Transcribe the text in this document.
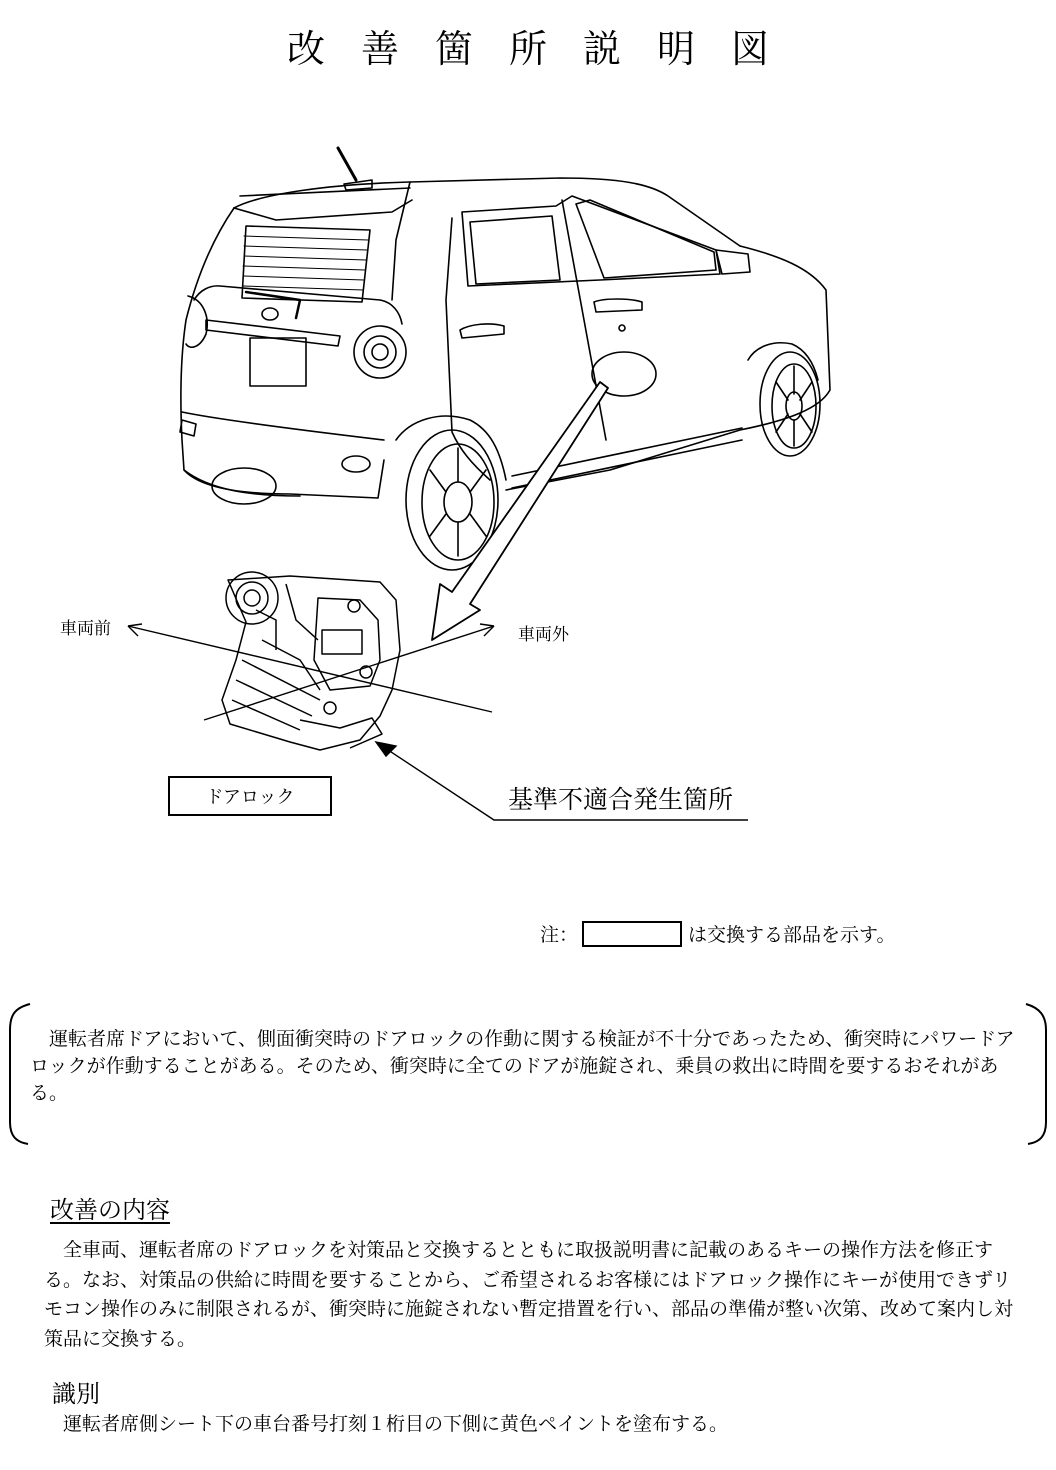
改善箇所説明図
車両前	車両外
ドアロック	基準不適合発生箇所
注：	は交換する部品を示す。
　運転者席ドアにおいて、側面衝突時のドアロックの作動に関する検証が不十分であったため、衝突時にパワードアロックが作動することがある。そのため、衝突時に全てのドアが施錠され、乗員の救出に時間を要するおそれがある。
改善の内容
　全車両、運転者席のドアロックを対策品と交換するとともに取扱説明書に記載のあるキーの操作方法を修正する。なお、対策品の供給に時間を要することから、ご希望されるお客様にはドアロック操作にキーが使用できずリモコン操作のみに制限されるが、衝突時に施錠されない暫定措置を行い、部品の準備が整い次第、改めて案内し対策品に交換する。
識別
　運転者席側シート下の車台番号打刻１桁目の下側に黄色ペイントを塗布する。
